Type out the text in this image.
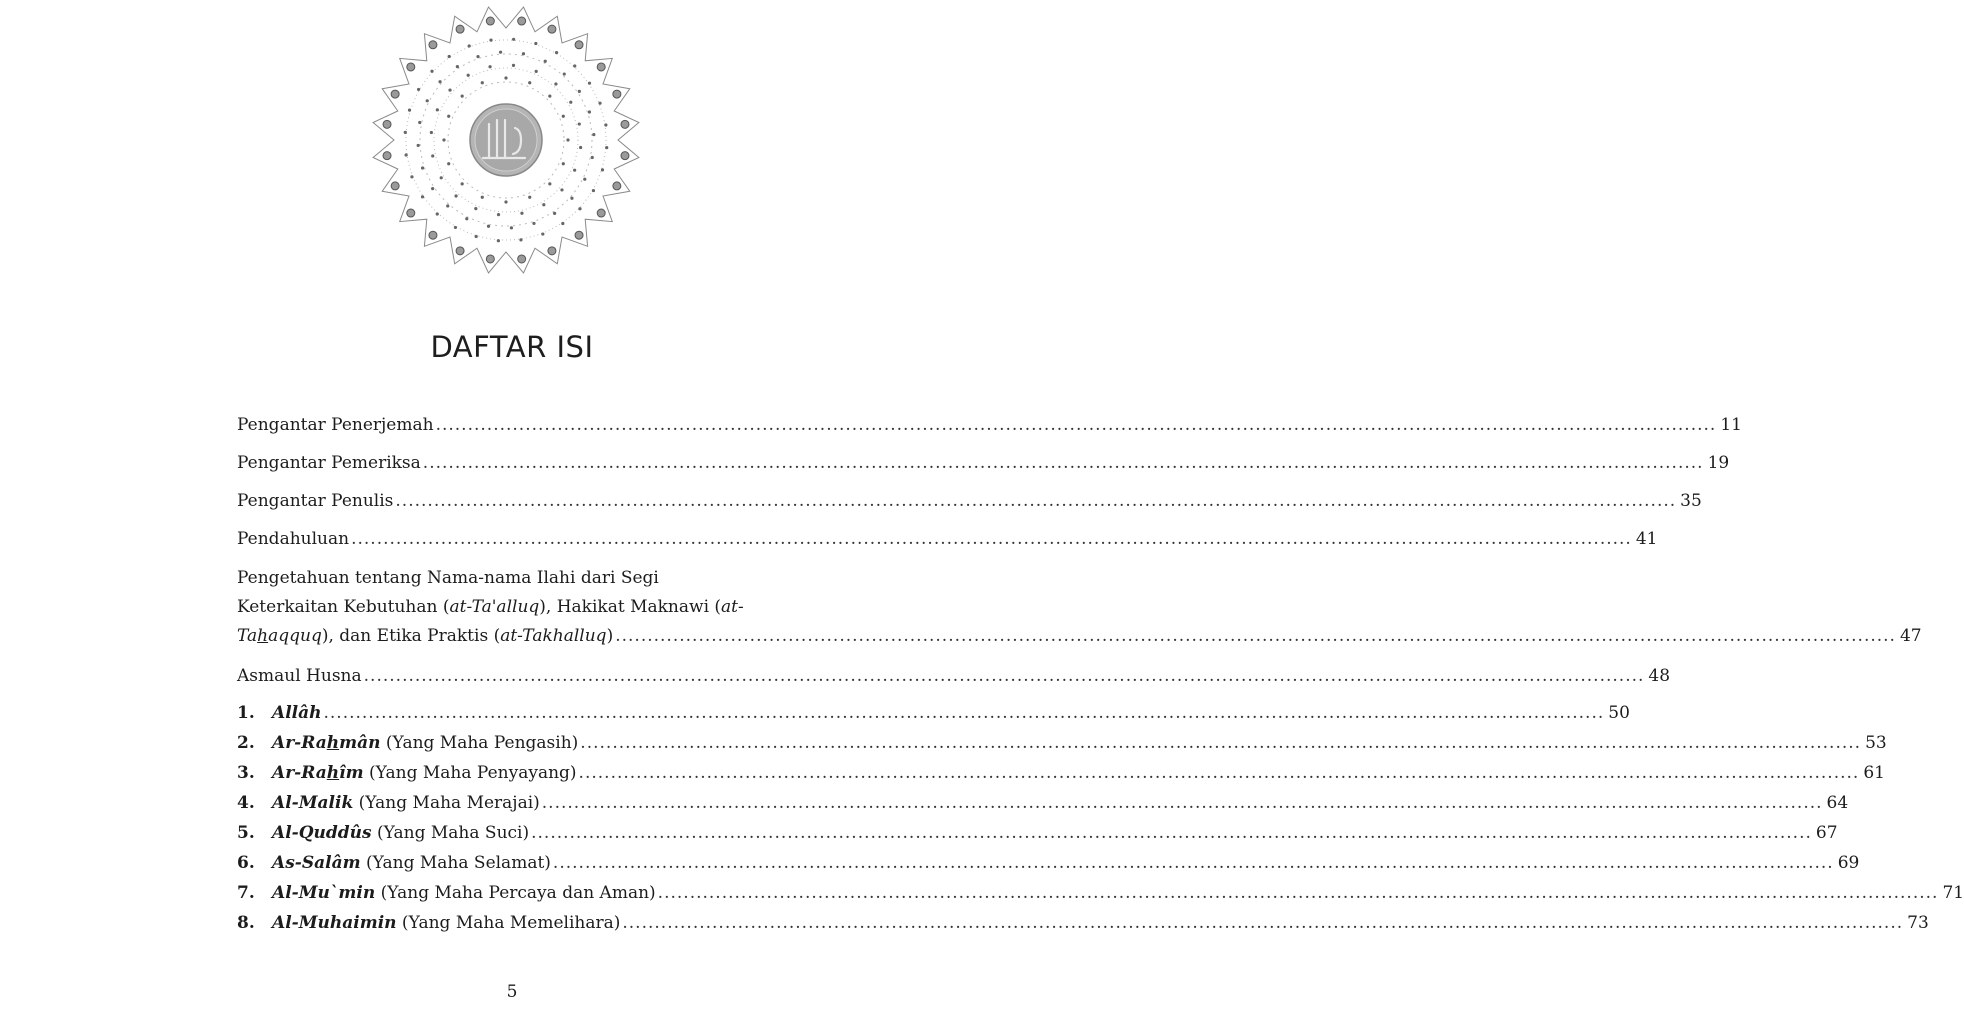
DAFTAR ISI
Pengantar Penerjemah ........................................................................................................................................................................................................ 11
Pengantar Pemeriksa ........................................................................................................................................................................................................ 19
Pengantar Penulis ........................................................................................................................................................................................................ 35
Pendahuluan ........................................................................................................................................................................................................ 41
Pengetahuan tentang Nama-nama Ilahi dari Segi
Keterkaitan Kebutuhan (at-Ta'alluq), Hakikat Maknawi (at-
Tahaqquq), dan Etika Praktis (at-Takhalluq) ........................................................................................................................................................................................................ 47
Asmaul Husna ........................................................................................................................................................................................................ 48
1. Allâh ........................................................................................................................................................................................................ 50
2. Ar-Rahmân (Yang Maha Pengasih) ........................................................................................................................................................................................................ 53
3. Ar-Rahîm (Yang Maha Penyayang) ........................................................................................................................................................................................................ 61
4. Al-Malik (Yang Maha Merajai) ........................................................................................................................................................................................................ 64
5. Al-Quddûs (Yang Maha Suci) ........................................................................................................................................................................................................ 67
6. As-Salâm (Yang Maha Selamat) ........................................................................................................................................................................................................ 69
7. Al-Mu`min (Yang Maha Percaya dan Aman) ........................................................................................................................................................................................................ 71
8. Al-Muhaimin (Yang Maha Memelihara) ........................................................................................................................................................................................................ 73
5
